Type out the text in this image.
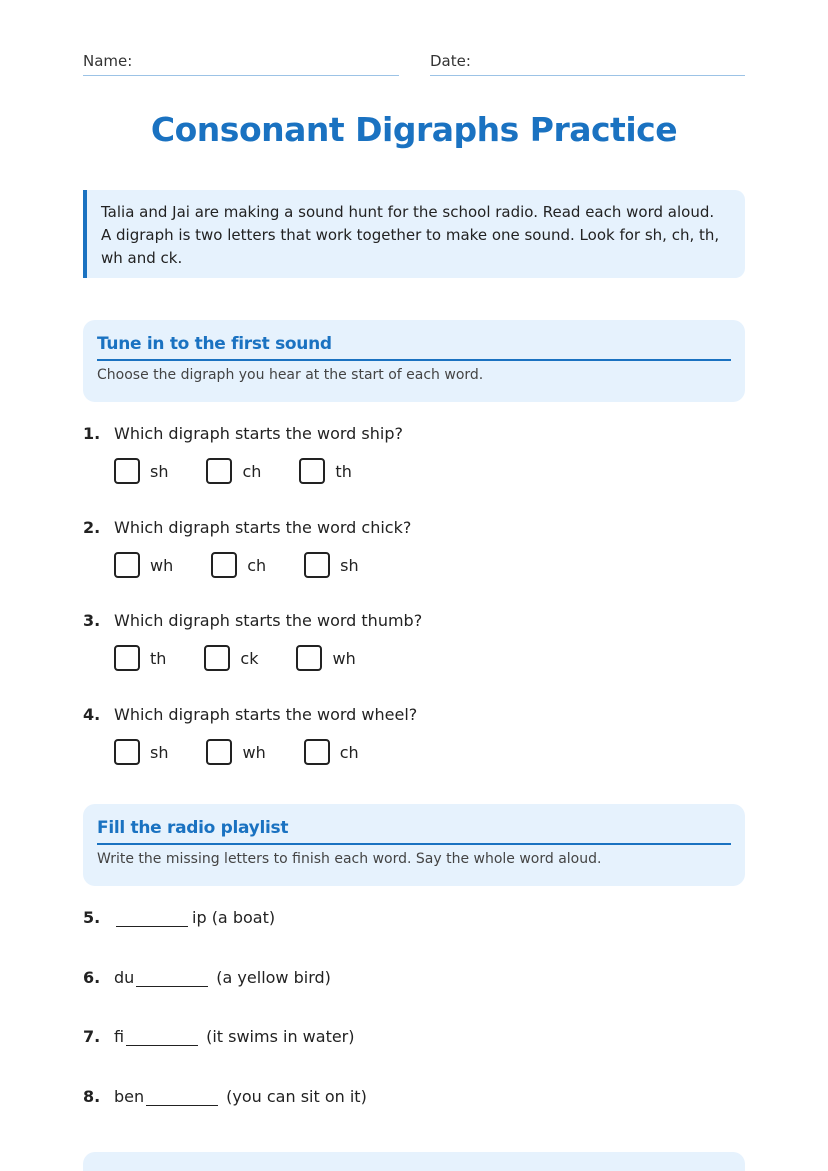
Name:	Date:
Consonant Digraphs Practice
Talia and Jai are making a sound hunt for the school radio. Read each word aloud. A digraph is two letters that work together to make one sound. Look for sh, ch, th, wh and ck.
Tune in to the first sound
Choose the digraph you hear at the start of each word.
1. Which digraph starts the word ship?
sh	ch	th
2. Which digraph starts the word chick?
wh	ch	sh
3. Which digraph starts the word thumb?
th	ck	wh
4. Which digraph starts the word wheel?
sh	wh	ch
Fill the radio playlist
Write the missing letters to finish each word. Say the whole word aloud.
5.	ip (a boat)
6. du	(a yellow bird)
7. fi	(it swims in water)
8. ben	(you can sit on it)
